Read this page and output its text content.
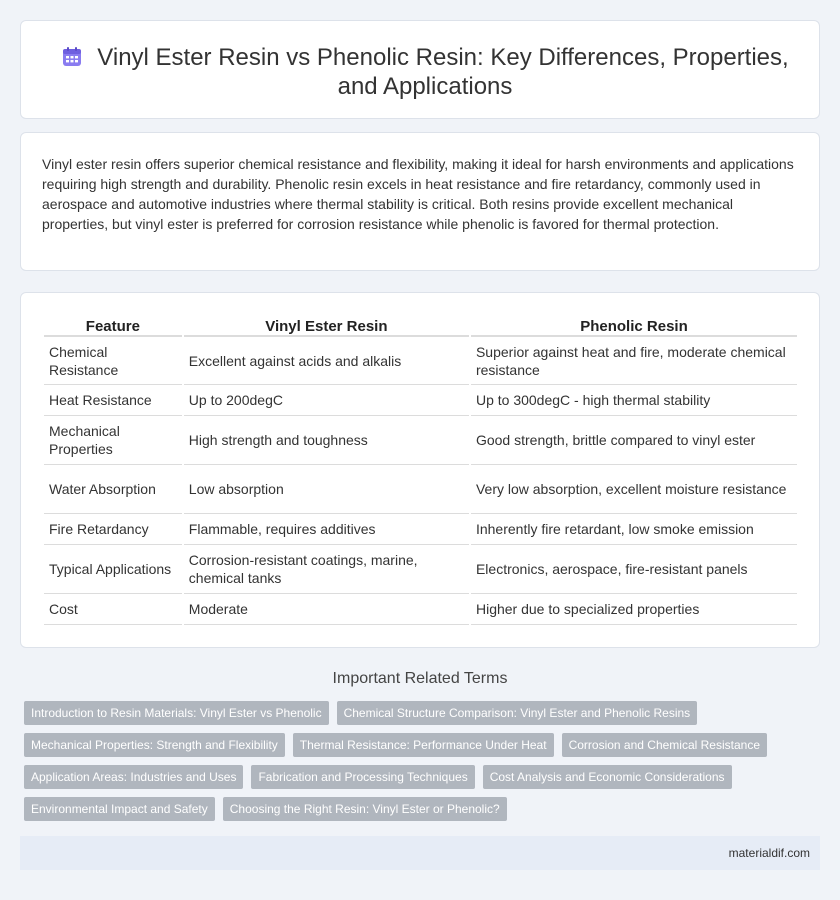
Vinyl Ester Resin vs Phenolic Resin: Key Differences, Properties, and Applications

Vinyl ester resin offers superior chemical resistance and flexibility, making it ideal for harsh environments and applications requiring high strength and durability. Phenolic resin excels in heat resistance and fire retardancy, commonly used in aerospace and automotive industries where thermal stability is critical. Both resins provide excellent mechanical properties, but vinyl ester is preferred for corrosion resistance while phenolic is favored for thermal protection.

Feature	Vinyl Ester Resin	Phenolic Resin
Chemical Resistance	Excellent against acids and alkalis	Superior against heat and fire, moderate chemical resistance
Heat Resistance	Up to 200degC	Up to 300degC - high thermal stability
Mechanical Properties	High strength and toughness	Good strength, brittle compared to vinyl ester
Water Absorption	Low absorption	Very low absorption, excellent moisture resistance
Fire Retardancy	Flammable, requires additives	Inherently fire retardant, low smoke emission
Typical Applications	Corrosion-resistant coatings, marine, chemical tanks	Electronics, aerospace, fire-resistant panels
Cost	Moderate	Higher due to specialized properties
Important Related Terms
Introduction to Resin Materials: Vinyl Ester vs Phenolic	Chemical Structure Comparison: Vinyl Ester and Phenolic Resins
Mechanical Properties: Strength and Flexibility	Thermal Resistance: Performance Under Heat	Corrosion and Chemical Resistance
Application Areas: Industries and Uses	Fabrication and Processing Techniques	Cost Analysis and Economic Considerations
Environmental Impact and Safety	Choosing the Right Resin: Vinyl Ester or Phenolic?
materialdif.com
